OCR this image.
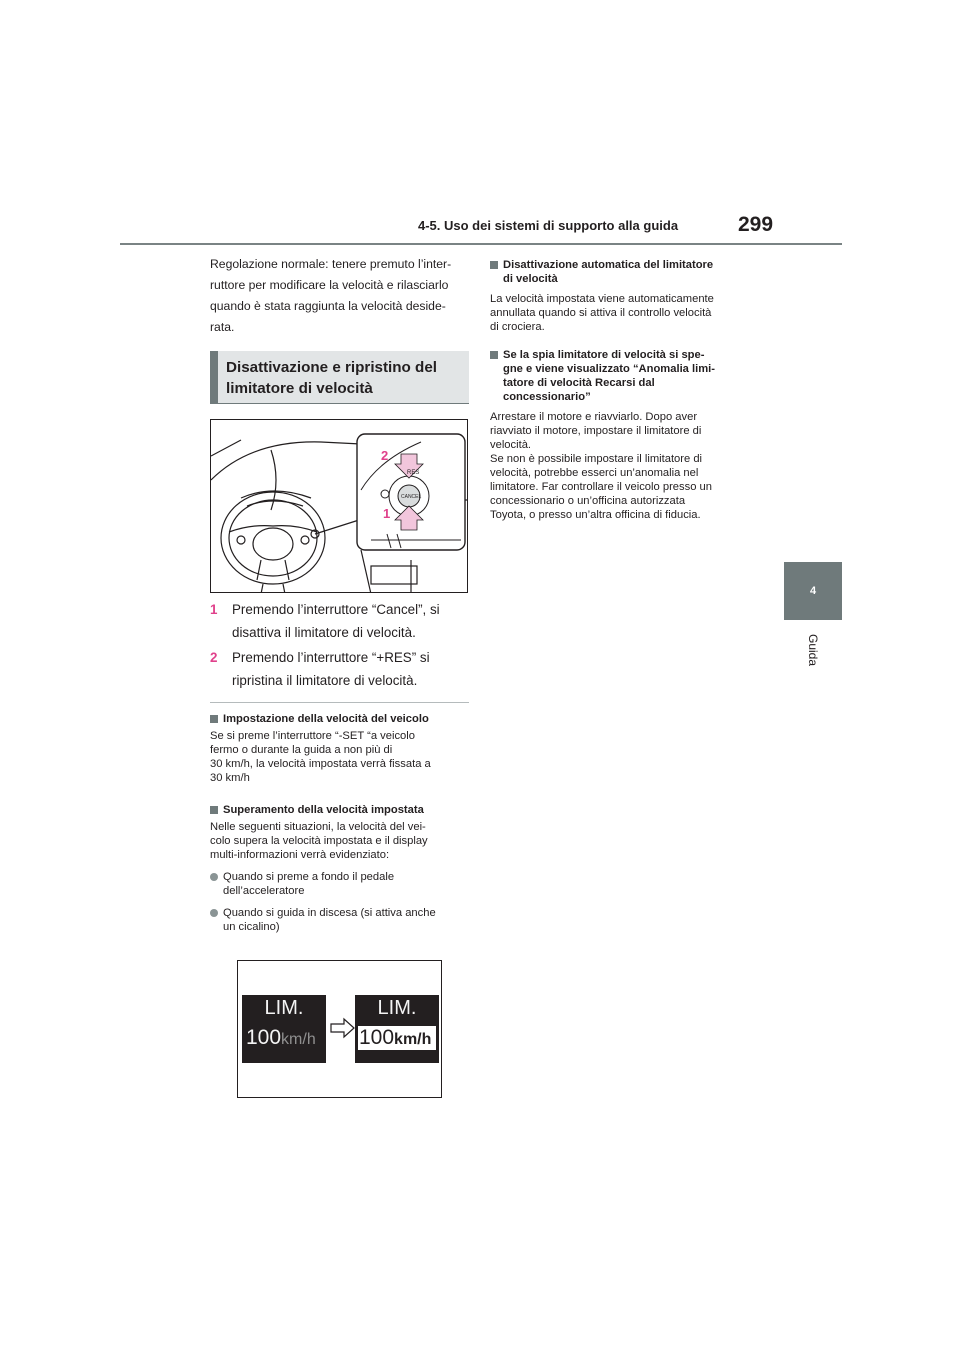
4-5. Uso dei sistemi di supporto alla guida	299
4
Guida

Regolazione normale: tenere premuto l’inter-

ruttore per modificare la velocità e rilasciarlo

quando è stata raggiunta la velocità deside-

rata.

Disattivazione e ripristino del
limitatore di velocità
2
1
RES
CANCEL
1	Premendo l’interruttore “Cancel”, si
disattiva il limitatore di velocità.
2	Premendo l’interruttore “+RES” si
ripristina il limitatore di velocità.
Impostazione della velocità del veicolo
Se si preme l’interruttore “-SET “a veicolo
fermo o durante la guida a non più di
30 km/h, la velocità impostata verrà fissata a
30 km/h
Superamento della velocità impostata
Nelle seguenti situazioni, la velocità del vei-
colo supera la velocità impostata e il display
multi-informazioni verrà evidenziato:
Quando si preme a fondo il pedale
dell’acceleratore
Quando si guida in discesa (si attiva anche
un cicalino)
LIM.
100km/h
LIM.
100km/h
Disattivazione automatica del limitatore
di velocità
La velocità impostata viene automaticamente
annullata quando si attiva il controllo velocità
di crociera.
Se la spia limitatore di velocità si spe-
gne e viene visualizzato “Anomalia limi-
tatore di velocità Recarsi dal
concessionario”
Arrestare il motore e riavviarlo. Dopo aver
riavviato il motore, impostare il limitatore di
velocità.
Se non è possibile impostare il limitatore di
velocità, potrebbe esserci un’anomalia nel
limitatore. Far controllare il veicolo presso un
concessionario o un’officina autorizzata
Toyota, o presso un’altra officina di fiducia.
